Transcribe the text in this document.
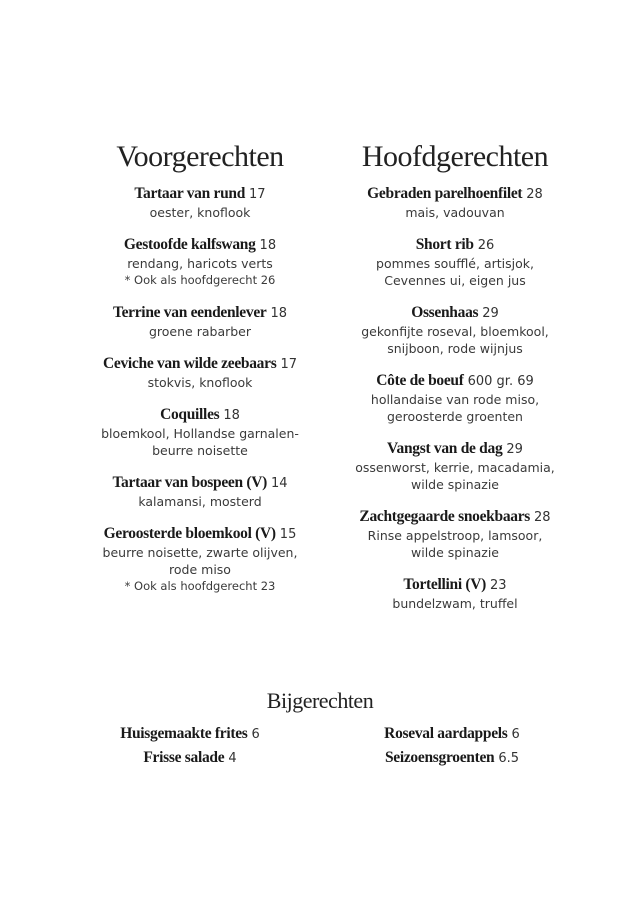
Voorgerechten
Tartaar van rund 17
oester, knoflook
Gestoofde kalfswang 18
rendang, haricots verts
* Ook als hoofdgerecht 26
Terrine van eendenlever 18
groene rabarber
Ceviche van wilde zeebaars 17
stokvis, knoflook
Coquilles 18
bloemkool, Hollandse garnalen-
beurre noisette
Tartaar van bospeen (V) 14
kalamansi, mosterd
Geroosterde bloemkool (V) 15
beurre noisette, zwarte olijven,
rode miso
* Ook als hoofdgerecht 23
Hoofdgerechten
Gebraden parelhoenfilet 28
mais, vadouvan
Short rib 26
pommes soufflé, artisjok,
Cevennes ui, eigen jus
Ossenhaas 29
gekonfijte roseval, bloemkool,
snijboon, rode wijnjus
Côte de boeuf 600 gr. 69
hollandaise van rode miso,
geroosterde groenten
Vangst van de dag 29
ossenworst, kerrie, macadamia,
wilde spinazie
Zachtgegaarde snoekbaars 28
Rinse appelstroop, lamsoor,
wilde spinazie
Tortellini (V) 23
bundelzwam, truffel
Bijgerechten
Huisgemaakte frites 6
Frisse salade 4
Roseval aardappels 6
Seizoensgroenten 6.5
